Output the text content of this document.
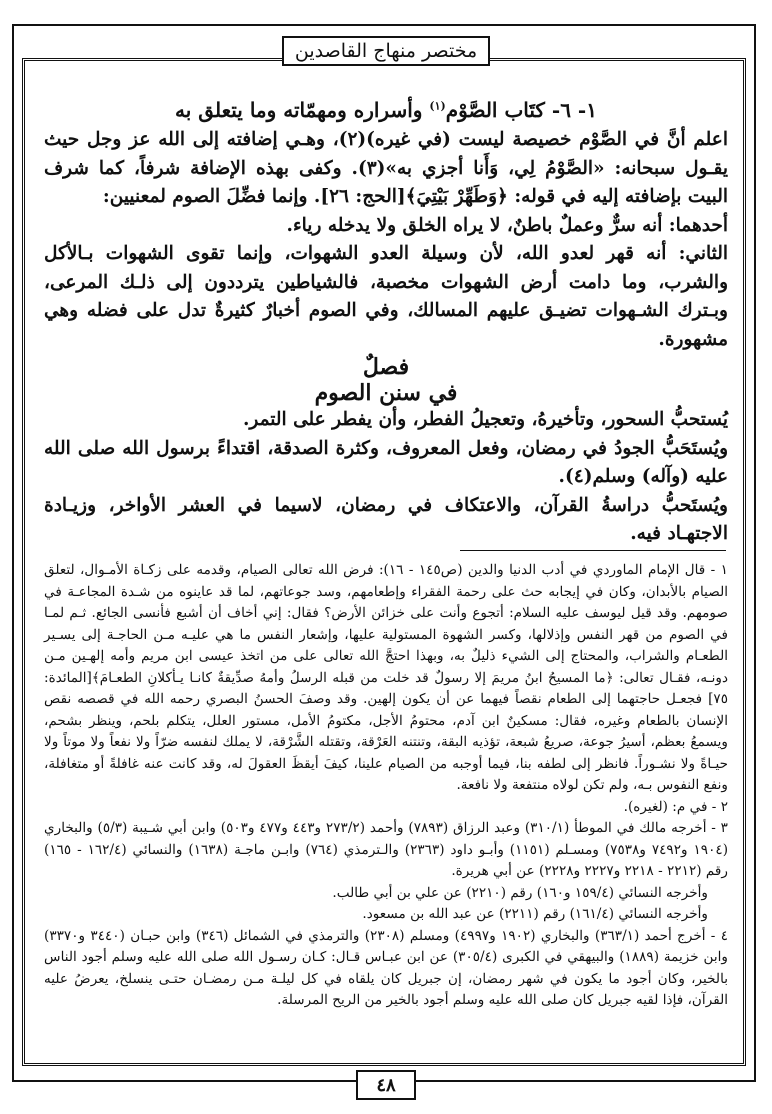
مختصر منهاج القاصدين

١- ٦- كتَاب الصَّوْم$^{(١)}$ وأسراره ومهمّاته وما يتعلق به

اعلم أنَّ في الصَّوْم خصيصة ليست (في غيره)(٢)، وهـي إضافته إلى الله عز وجل حيث يقـول سبحانه: «الصَّوْمُ لِي، وَأَنا أجزي به»(٣). وكفى بهذه الإضافة شرفاً، كما شرف البيت بإضافته إليه في قوله: ﴿وَطَهِّرْ بَيْتِيَ﴾[الحج: ٢٦]. وإنما فضِّلَ الصوم لمعنيين:

أحدهما: أنه سرٌّ وعملٌ باطنٌ، لا يراه الخلق ولا يدخله رياء.

الثاني: أنه قهر لعدو الله، لأن وسيلة العدو الشهوات، وإنما تقوى الشهوات بـالأكل والشرب، وما دامت أرض الشهوات مخصبة، فالشياطين يترددون إلى ذلـك المرعى، وبـترك الشـهوات تضيـق عليهم المسالك، وفي الصوم أخبارٌ كثيرةٌ تدل على فضله وهي مشهورة.

فصلٌ

في سنن الصوم

يُستحبُّ السحور، وتأخيرهُ، وتعجيلُ الفطر، وأن يفطر على التمر.

ويُستَحَبُّ الجودُ في رمضان، وفعل المعروف، وكثرة الصدقة، اقتداءً برسول الله صلى الله عليه (وآله) وسلم(٤).

ويُستَحبُّ دراسةُ القرآن، والاعتكاف في رمضان، لاسيما في العشر الأواخر، وزيـادة الاجتهـاد فيه.

١ - قال الإمام الماوردي في أدب الدنيا والدين (ص١٤٥ - ١٦): فرض الله تعالى الصيام، وقدمه على زكـاة الأمـوال، لتعلق الصيام بالأبدان، وكان في إيجابه حث على رحمة الفقراء وإطعامهم، وسد جوعاتهم، لما قد عاينوه من شـدة المجاعـة في صومهم. وقد قيل ليوسف عليه السلام: أتجوع وأنت على خزائن الأرض؟ فقال: إني أخاف أن أشبع فأنسى الجائع. ثـم لمـا في الصوم من قهر النفس وإذلالها، وكسر الشهوة المستولية عليها، وإشعار النفس ما هي عليـه مـن الحاجـة إلى يسـير الطعـام والشراب، والمحتاج إلى الشيء ذليلٌ به، وبهذا احتجَّ الله تعالى على من اتخذ عيسى ابن مريم وأمه إلهـين مـن دونـه، فقـال تعالى: ﴿ما المسيحُ ابنُ مريمَ إلا رسولٌ قد خلت من قبله الرسلُ وأمهُ صدِّيقةٌ كانـا يـأكلانِ الطعـامَ﴾[المائدة: ٧٥] فجعـل حاجتهما إلى الطعام نقصاً فيهما عن أن يكون إلهين. وقد وصفَ الحسنُ البصري رحمه الله في قصصه نقص الإنسان بالطعام وغيره، فقال: مسكينٌ ابن آدم، محتومُ الأجل، مكتومُ الأمل، مستور العلل، يتكلم بلحم، وينظر بشحم، ويسمعُ بعظم، أسيرُ جوعة، صريعُ شبعة، تؤذيه البقة، وتنتنه العَرْقة، وتقتله الشَّرْقة، لا يملك لنفسه ضرّاً ولا نفعاً ولا موتاً ولا حيـاةً ولا نشـوراً. فانظر إلى لطفه بنا، فيما أوجبه من الصيام علينا، كيفَ أيقظَ العقولَ له، وقد كانت عنه غافلةً أو متغافلة، ونفع النفوس بـه، ولم تكن لولاه منتفعة ولا نافعة.

٢ - في م: (لغيره).

٣ - أخرجه مالك في الموطأ (٣١٠/١) وعبد الرزاق (٧٨٩٣) وأحمد (٢٧٣/٢ و٤٤٣ و٤٧٧ و٥٠٣) وابن أبي شـيبة (٥/٣) والبخاري (١٩٠٤ و٧٤٩٢ و٧٥٣٨) ومسـلم (١١٥١) وأبـو داود (٢٣٦٣) والـترمذي (٧٦٤) وابـن ماجـة (١٦٣٨) والنسائي (١٦٢/٤ - ١٦٥) رقم (٢٢١٢ - ٢٢١٨ و٢٢٢٧ و٢٢٢٨) عن أبي هريرة.

وأخرجه النسائي (١٥٩/٤ و١٦٠) رقم (٢٢١٠) عن علي بن أبي طالب.

وأخرجه النسائي (١٦١/٤) رقم (٢٢١١) عن عبد الله بن مسعود.

٤ - أخرج أحمد (٣٦٣/١) والبخاري (١٩٠٢ و٤٩٩٧) ومسلم (٢٣٠٨) والترمذي في الشمائل (٣٤٦) وابن حبـان (٣٤٤٠ و٣٣٧٠) وابن خزيمة (١٨٨٩) والبيهقي في الكبرى (٣٠٥/٤) عن ابن عبـاس قـال: كـان رسـول الله صلى الله عليه وسلم أجود الناس بالخير، وكان أجود ما يكون في شهر رمضان، إن جبريل كان يلقاه في كل ليلـة مـن رمضـان حتـى ينسلخ، يعرضُ عليه القرآن، فإذا لقيه جبريل كان صلى الله عليه وسلم أجود بالخير من الريح المرسلة.

٤٨
